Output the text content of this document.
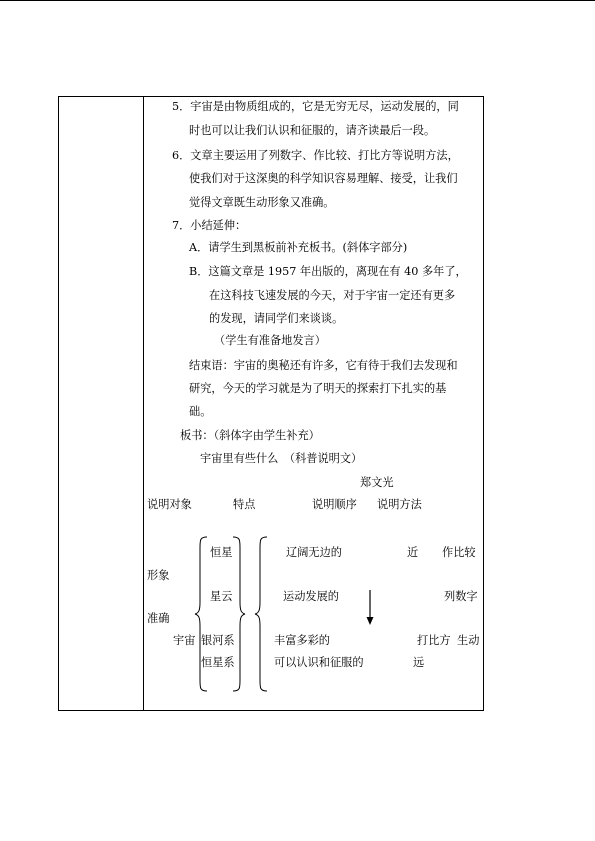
5．宇宙是由物质组成的，它是无穷无尽，运动发展的，同
时也可以让我们认识和征服的，请齐读最后一段。
6．文章主要运用了列数字、作比较、打比方等说明方法，
使我们对于这深奥的科学知识容易理解、接受，让我们
觉得文章既生动形象又准确。
7．小结延伸：
A．请学生到黑板前补充板书。(斜体字部分)
B．这篇文章是 1957 年出版的，离现在有 40 多年了，
在这科技飞速发展的今天，对于宇宙一定还有更多
的发现，请同学们来谈谈。
（学生有准备地发言）
结束语：宇宙的奥秘还有许多，它有待于我们去发现和
研究，今天的学习就是为了明天的探索打下扎实的基
础。
板书：（斜体字由学生补充）
宇宙里有些什么　（科普说明文）
郑文光
说明对象	特点	说明顺序 说明方法
形象
准确
宇宙
恒星
星云
银河系
恒星系
辽阔无边的
运动发展的
丰富多彩的
可以认识和征服的
近
远
作比较
列数字
打比方 生动
